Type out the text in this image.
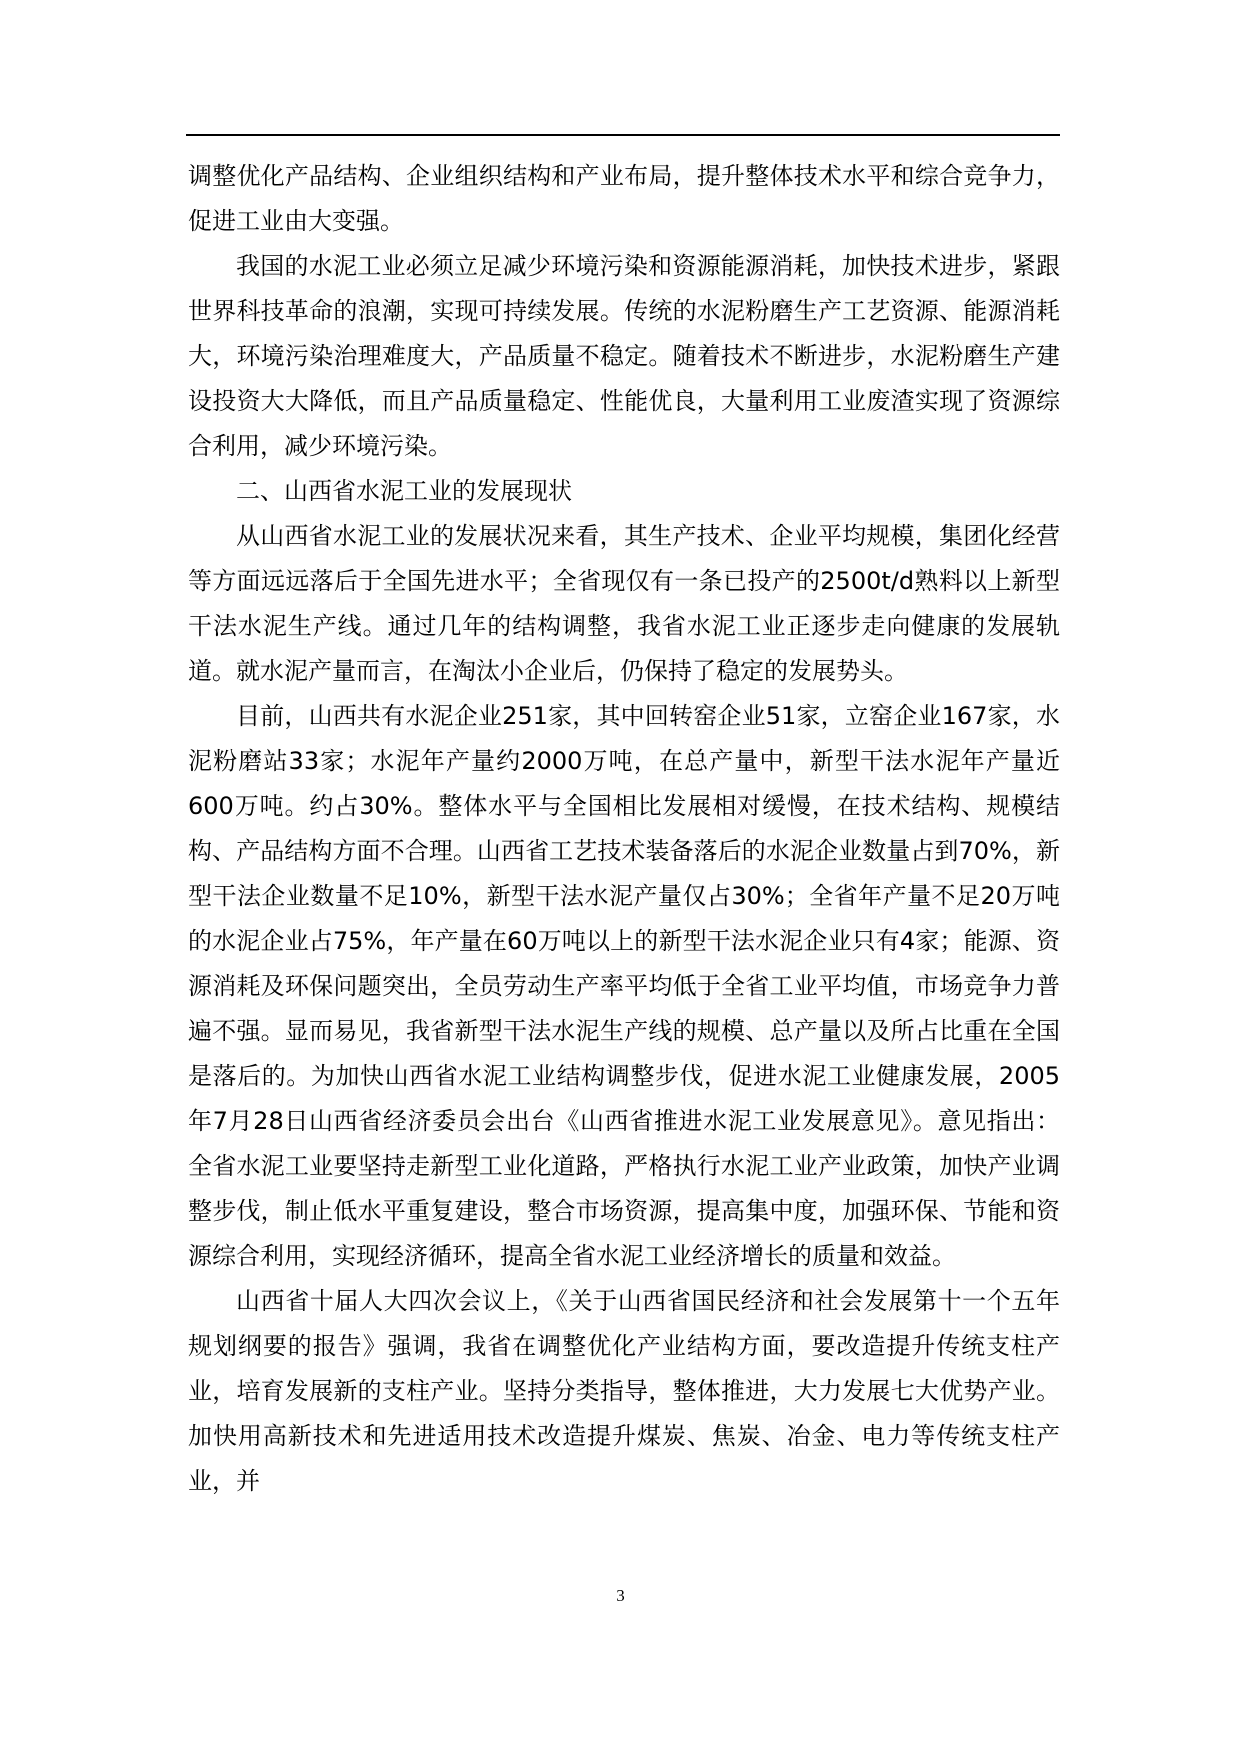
调整优化产品结构、企业组织结构和产业布局，提升整体技术水平和综合竞争力，促进工业由大变强。

我国的水泥工业必须立足减少环境污染和资源能源消耗，加快技术进步，紧跟世界科技革命的浪潮，实现可持续发展。传统的水泥粉磨生产工艺资源、能源消耗大，环境污染治理难度大，产品质量不稳定。随着技术不断进步，水泥粉磨生产建设投资大大降低，而且产品质量稳定、性能优良，大量利用工业废渣实现了资源综合利用，减少环境污染。

二、山西省水泥工业的发展现状

从山西省水泥工业的发展状况来看，其生产技术、企业平均规模，集团化经营等方面远远落后于全国先进水平；全省现仅有一条已投产的2500t/d熟料以上新型干法水泥生产线。通过几年的结构调整，我省水泥工业正逐步走向健康的发展轨道。就水泥产量而言，在淘汰小企业后，仍保持了稳定的发展势头。

目前，山西共有水泥企业251家，其中回转窑企业51家，立窑企业167家，水泥粉磨站33家；水泥年产量约2000万吨，在总产量中，新型干法水泥年产量近600万吨。约占30%。整体水平与全国相比发展相对缓慢，在技术结构、规模结构、产品结构方面不合理。山西省工艺技术装备落后的水泥企业数量占到70%，新型干法企业数量不足10%，新型干法水泥产量仅占30%；全省年产量不足20万吨的水泥企业占75%，年产量在60万吨以上的新型干法水泥企业只有4家；能源、资源消耗及环保问题突出，全员劳动生产率平均低于全省工业平均值，市场竞争力普遍不强。显而易见，我省新型干法水泥生产线的规模、总产量以及所占比重在全国是落后的。为加快山西省水泥工业结构调整步伐，促进水泥工业健康发展，2005年7月28日山西省经济委员会出台《山西省推进水泥工业发展意见》。意见指出：全省水泥工业要坚持走新型工业化道路，严格执行水泥工业产业政策，加快产业调整步伐，制止低水平重复建设，整合市场资源，提高集中度，加强环保、节能和资源综合利用，实现经济循环，提高全省水泥工业经济增长的质量和效益。

山西省十届人大四次会议上，《关于山西省国民经济和社会发展第十一个五年规划纲要的报告》强调，我省在调整优化产业结构方面，要改造提升传统支柱产业，培育发展新的支柱产业。坚持分类指导，整体推进，大力发展七大优势产业。加快用高新技术和先进适用技术改造提升煤炭、焦炭、冶金、电力等传统支柱产业，并

3
